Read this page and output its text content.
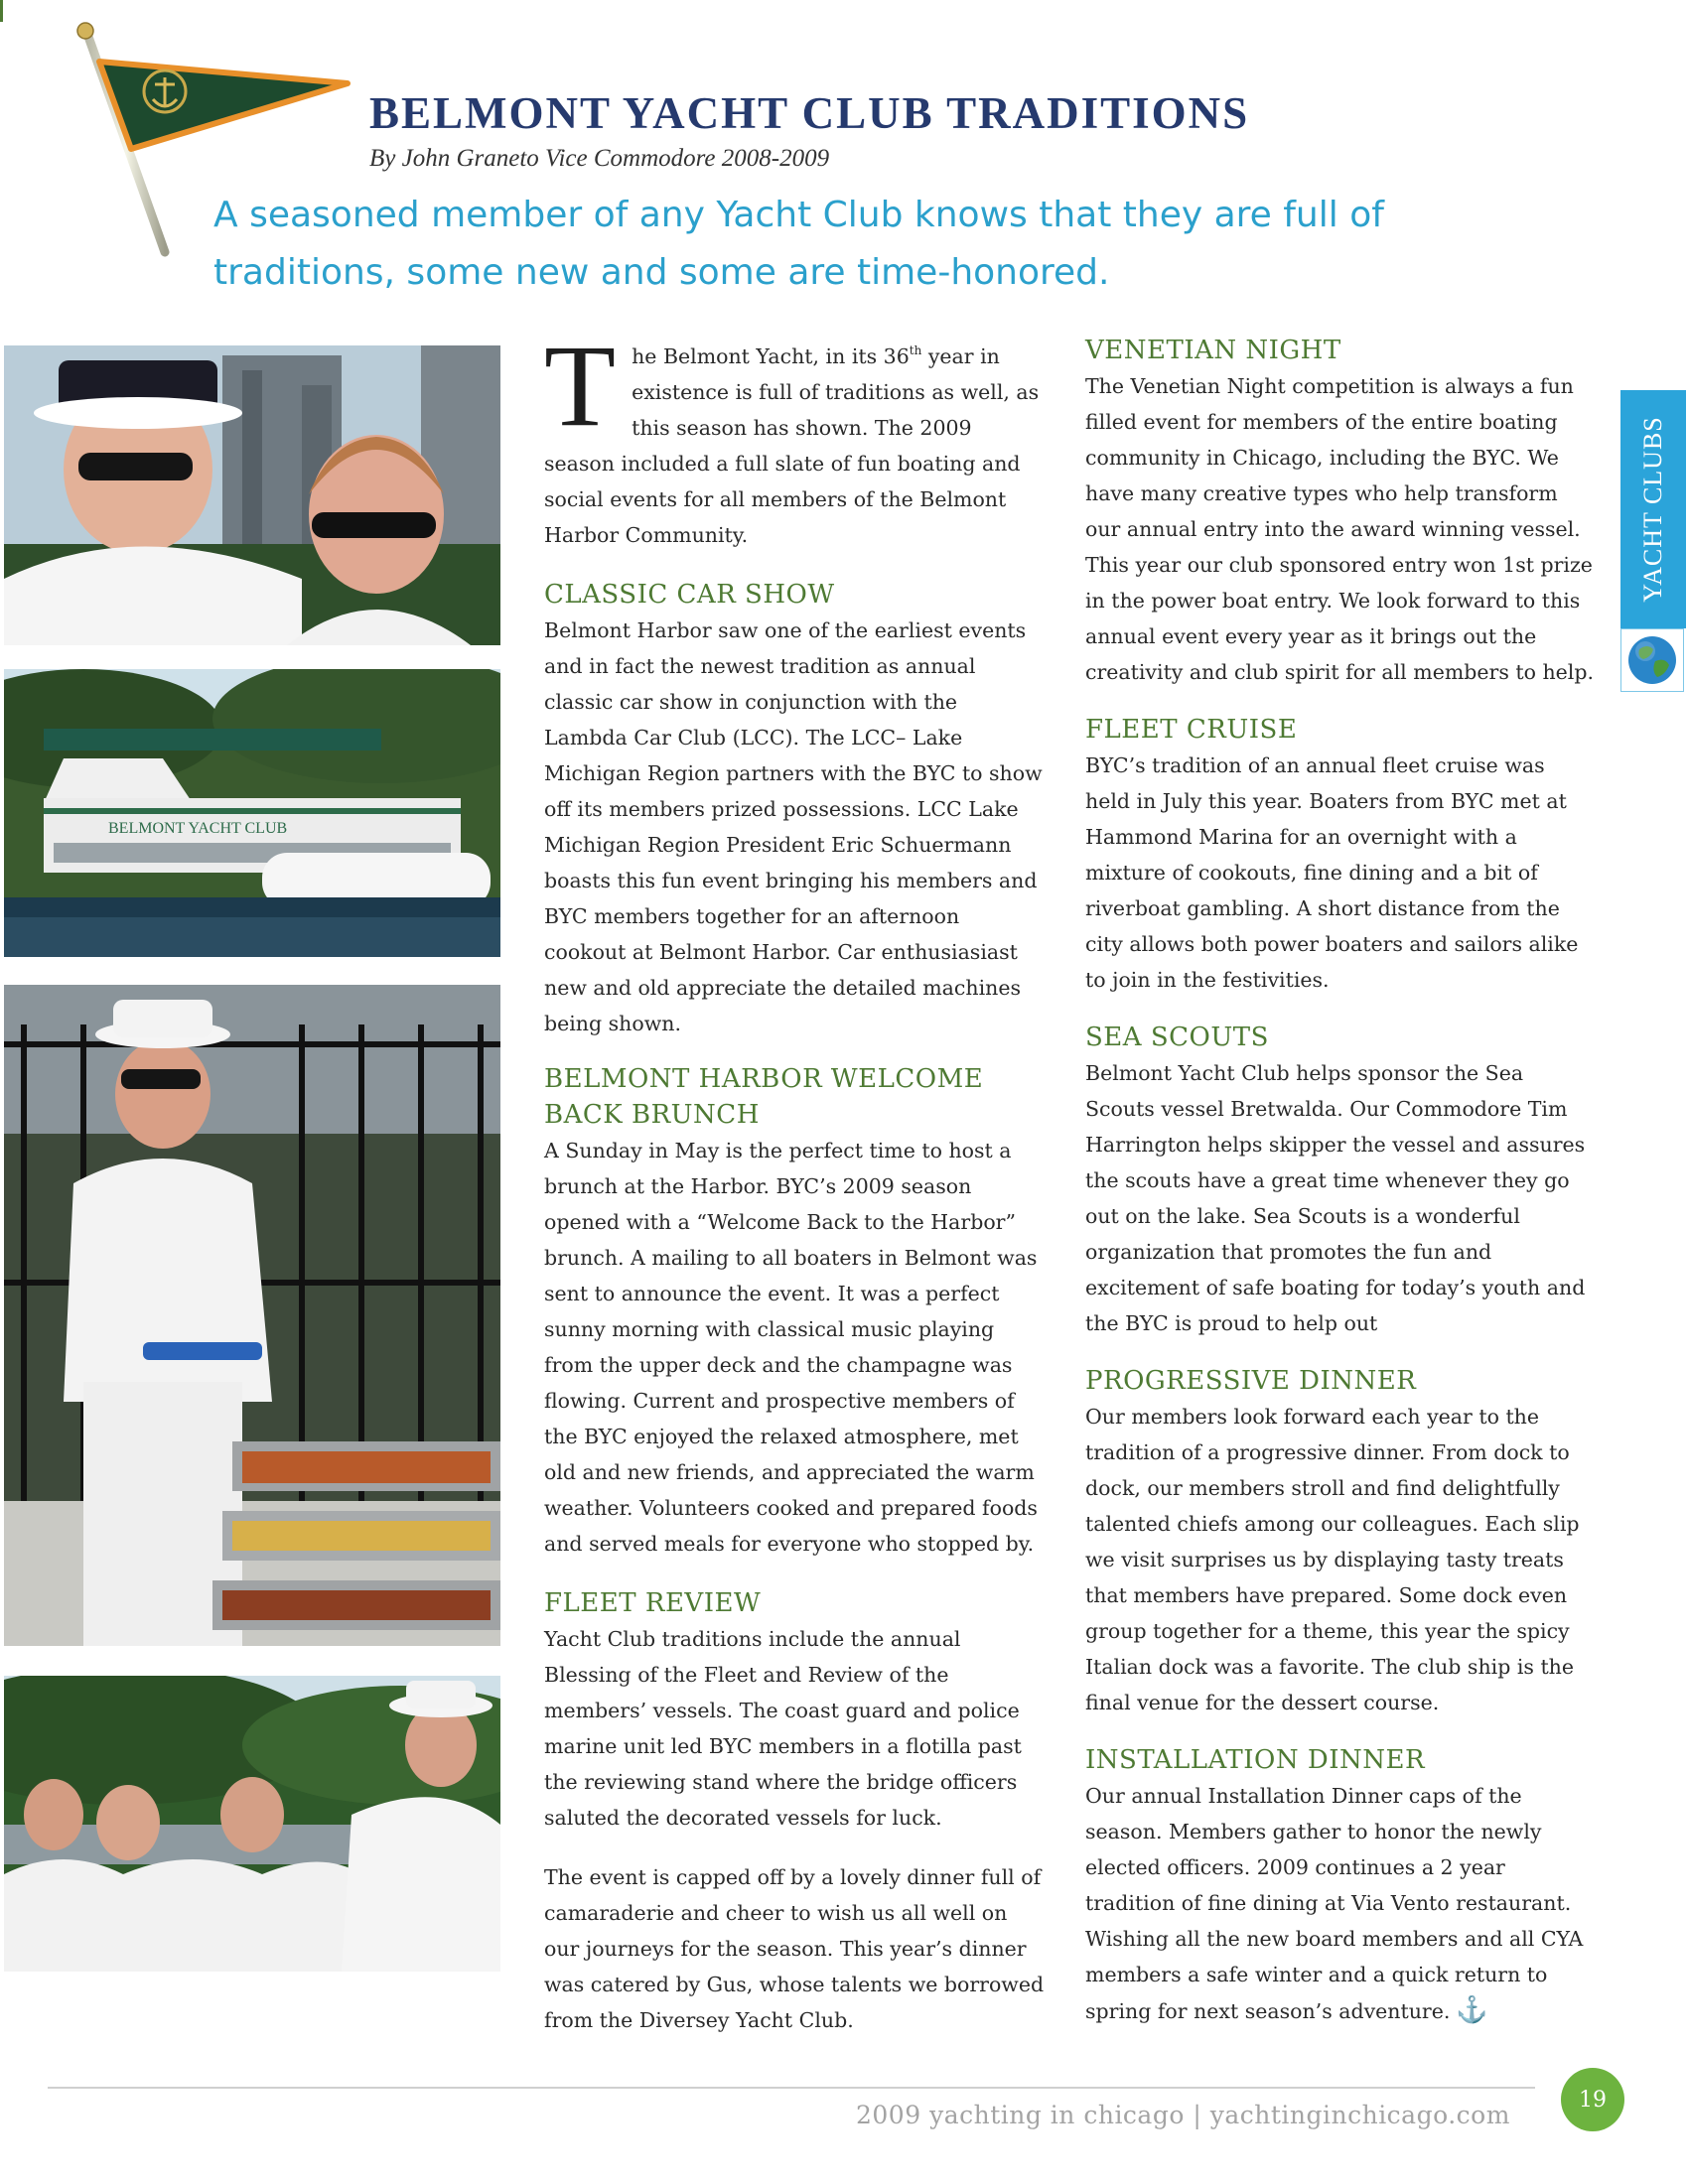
BELMONT YACHT CLUB TRADITIONS
By John Graneto Vice Commodore 2008-2009
A seasoned member of any Yacht Club knows that they are full of traditions, some new and some are time-honored.
BELMONT YACHT CLUB

The Belmont Yacht, in its 36th year in existence is full of traditions as well, as this season has shown. The 2009 season included a full slate of fun boating and social events for all members of the Belmont Harbor Community.

CLASSIC CAR SHOW

Belmont Harbor saw one of the earliest events and in fact the newest tradition as annual classic car show in conjunction with the Lambda Car Club (LCC). The LCC– Lake Michigan Region partners with the BYC to show off its members prized possessions. LCC Lake Michigan Region President Eric Schuermann boasts this fun event bringing his members and BYC members together for an afternoon cookout at Belmont Harbor. Car enthusiasiast new and old appreciate the detailed machines being shown.

BELMONT HARBOR WELCOME BACK BRUNCH

A Sunday in May is the perfect time to host a brunch at the Harbor. BYC’s 2009 season opened with a “Welcome Back to the Harbor” brunch. A mailing to all boaters in Belmont was sent to announce the event. It was a perfect sunny morning with classical music playing from the upper deck and the champagne was flowing. Current and prospective members of the BYC enjoyed the relaxed atmosphere, met old and new friends, and appreciated the warm weather. Volunteers cooked and prepared foods and served meals for everyone who stopped by.

FLEET REVIEW

Yacht Club traditions include the annual Blessing of the Fleet and Review of the members’ vessels. The coast guard and police marine unit led BYC members in a flotilla past the reviewing stand where the bridge officers saluted the decorated vessels for luck.

The event is capped off by a lovely dinner full of camaraderie and cheer to wish us all well on our journeys for the season. This year’s dinner was catered by Gus, whose talents we borrowed from the Diversey Yacht Club.

VENETIAN NIGHT

The Venetian Night competition is always a fun filled event for members of the entire boating community in Chicago, including the BYC. We have many creative types who help transform our annual entry into the award winning vessel. This year our club sponsored entry won 1st prize in the power boat entry. We look forward to this annual event every year as it brings out the creativity and club spirit for all members to help.

FLEET CRUISE

BYC’s tradition of an annual fleet cruise was held in July this year. Boaters from BYC met at Hammond Marina for an overnight with a mixture of cookouts, fine dining and a bit of riverboat gambling. A short distance from the city allows both power boaters and sailors alike to join in the festivities.

SEA SCOUTS

Belmont Yacht Club helps sponsor the Sea Scouts vessel Bretwalda. Our Commodore Tim Harrington helps skipper the vessel and assures the scouts have a great time whenever they go out on the lake. Sea Scouts is a wonderful organization that promotes the fun and excitement of safe boating for today’s youth and the BYC is proud to help out

PROGRESSIVE DINNER

Our members look forward each year to the tradition of a progressive dinner. From dock to dock, our members stroll and find delightfully talented chiefs among our colleagues. Each slip we visit surprises us by displaying tasty treats that members have prepared. Some dock even group together for a theme, this year the spicy Italian dock was a favorite. The club ship is the final venue for the dessert course.

INSTALLATION DINNER

Our annual Installation Dinner caps of the season. Members gather to honor the newly elected officers. 2009 continues a 2 year tradition of fine dining at Via Vento restaurant. Wishing all the new board members and all CYA members a safe winter and a quick return to spring for next season’s adventure. ⚓

YACHT CLUBS
2009 yachting in chicago | yachtinginchicago.com
19
